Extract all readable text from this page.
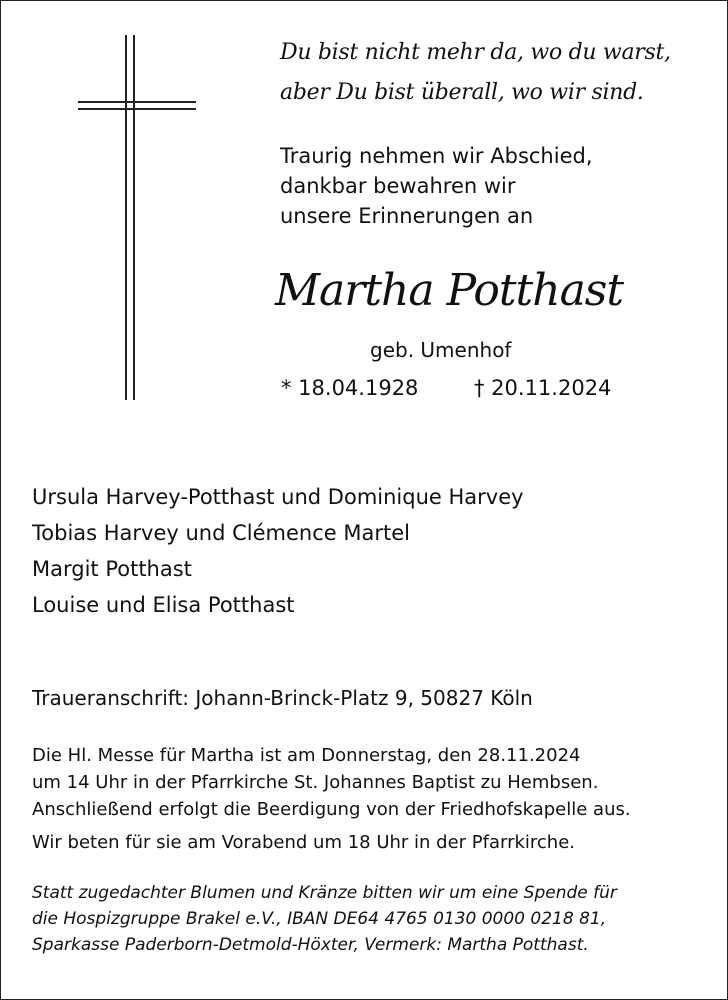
Du bist nicht mehr da, wo du warst,
aber Du bist überall, wo wir sind.
Traurig nehmen wir Abschied,
dankbar bewahren wir
unsere Erinnerungen an
Martha Potthast
geb. Umenhof
* 18.04.1928	† 20.11.2024
Ursula Harvey-Potthast und Dominique Harvey
Tobias Harvey und Clémence Martel
Margit Potthast
Louise und Elisa Potthast
Traueranschrift: Johann-Brinck-Platz 9, 50827 Köln
Die Hl. Messe für Martha ist am Donnerstag, den 28.11.2024
um 14 Uhr in der Pfarrkirche St. Johannes Baptist zu Hembsen.
Anschließend erfolgt die Beerdigung von der Friedhofskapelle aus.
Wir beten für sie am Vorabend um 18 Uhr in der Pfarrkirche.
Statt zugedachter Blumen und Kränze bitten wir um eine Spende für
die Hospizgruppe Brakel e.V., IBAN DE64 4765 0130 0000 0218 81,
Sparkasse Paderborn-Detmold-Höxter, Vermerk: Martha Potthast.
